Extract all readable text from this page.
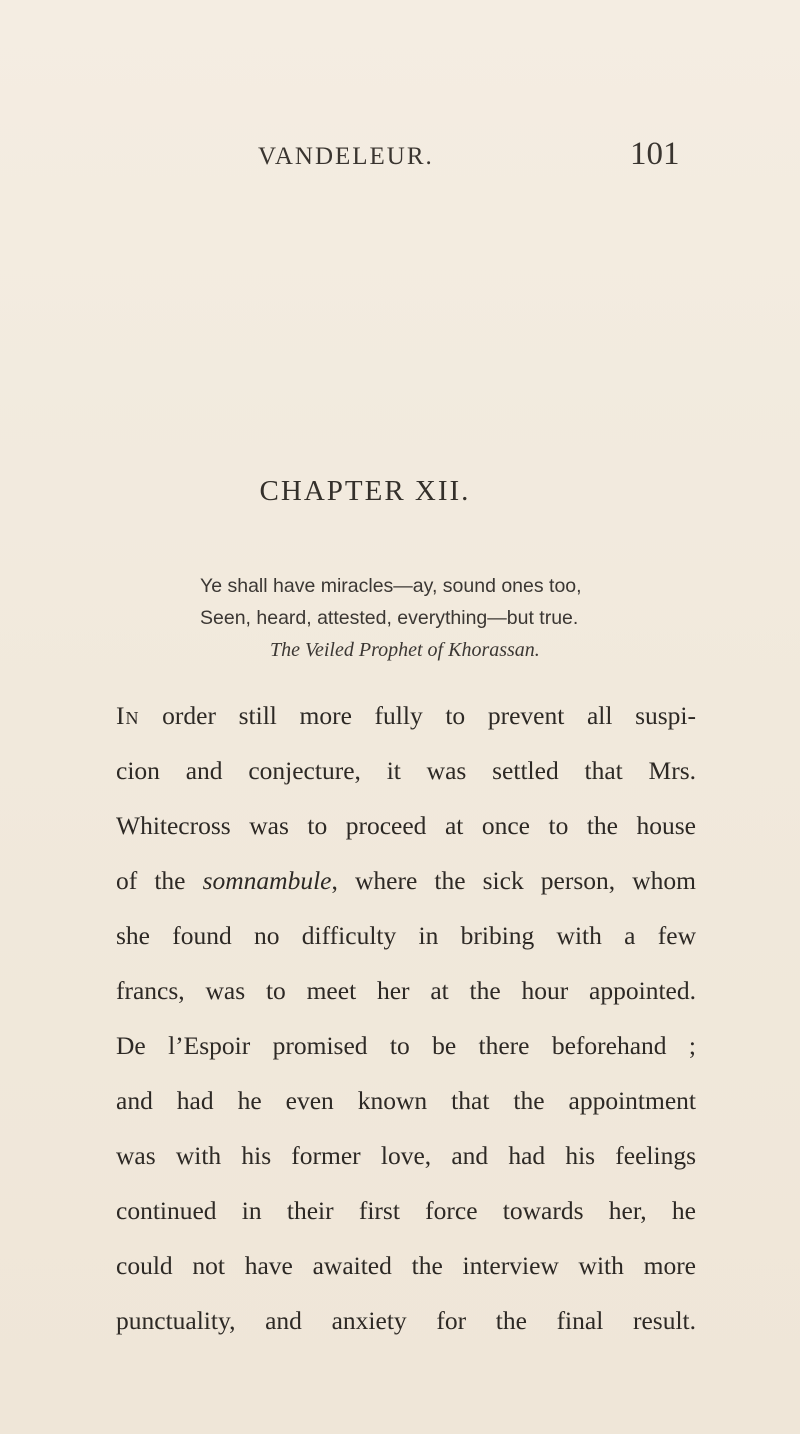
VANDELEUR.	101
CHAPTER XII.
Ye shall have miracles—ay, sound ones too,
Seen, heard, attested, everything—but true.
The Veiled Prophet of Khorassan.
In order still more fully to prevent all suspi-
cion and conjecture, it was settled that Mrs.
Whitecross was to proceed at once to the house
of the somnambule, where the sick person, whom
she found no difficulty in bribing with a few
francs, was to meet her at the hour appointed.
De l’Espoir promised to be there beforehand ;
and had he even known that the appointment
was with his former love, and had his feelings
continued in their first force towards her, he
could not have awaited the interview with more
punctuality, and anxiety for the final result.
